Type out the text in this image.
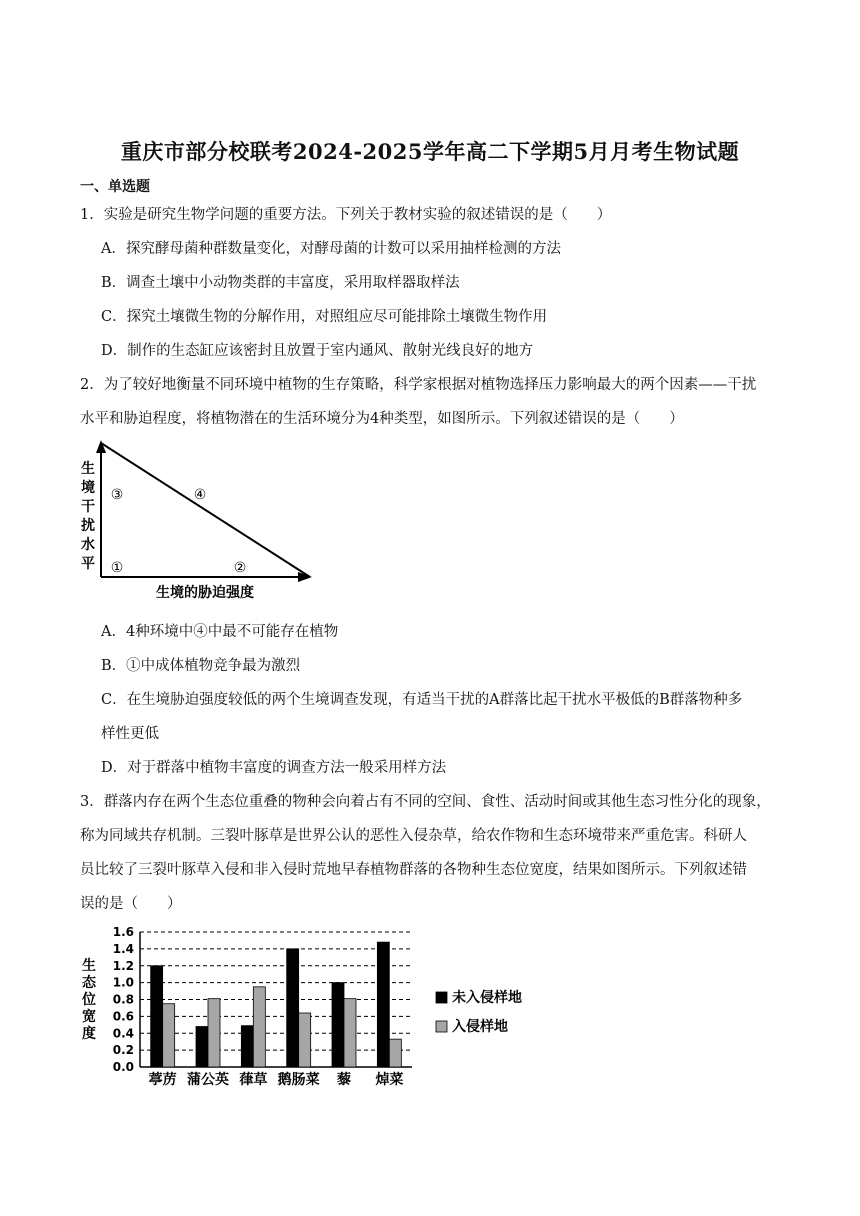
重庆市部分校联考2024-2025学年高二下学期5月月考生物试题
一、单选题
1．实验是研究生物学问题的重要方法。下列关于教材实验的叙述错误的是（　　）
A．探究酵母菌种群数量变化，对酵母菌的计数可以采用抽样检测的方法
B．调查土壤中小动物类群的丰富度，采用取样器取样法
C．探究土壤微生物的分解作用，对照组应尽可能排除土壤微生物作用
D．制作的生态缸应该密封且放置于室内通风、散射光线良好的地方
2．为了较好地衡量不同环境中植物的生存策略，科学家根据对植物选择压力影响最大的两个因素——干扰
水平和胁迫程度，将植物潜在的生活环境分为4种类型，如图所示。下列叙述错误的是（　　）
生境干扰水平
③	④
①	②
生境的胁迫强度
A．4种环境中④中最不可能存在植物
B．①中成体植物竞争最为激烈
C．在生境胁迫强度较低的两个生境调查发现，有适当干扰的A群落比起干扰水平极低的B群落物种多
样性更低
D．对于群落中植物丰富度的调查方法一般采用样方法
3．群落内存在两个生态位重叠的物种会向着占有不同的空间、食性、活动时间或其他生态习性分化的现象，
称为同域共存机制。三裂叶豚草是世界公认的恶性入侵杂草，给农作物和生态环境带来严重危害。科研人
员比较了三裂叶豚草入侵和非入侵时荒地早春植物群落的各物种生态位宽度，结果如图所示。下列叙述错
误的是（　　）
0.0
0.2
0.4
0.6
0.8
1.0
1.2
1.4
1.6
葶苈 蒲公英 葎草 鹅肠菜 藜 焯菜
生态位宽度
未入侵样地
入侵样地
